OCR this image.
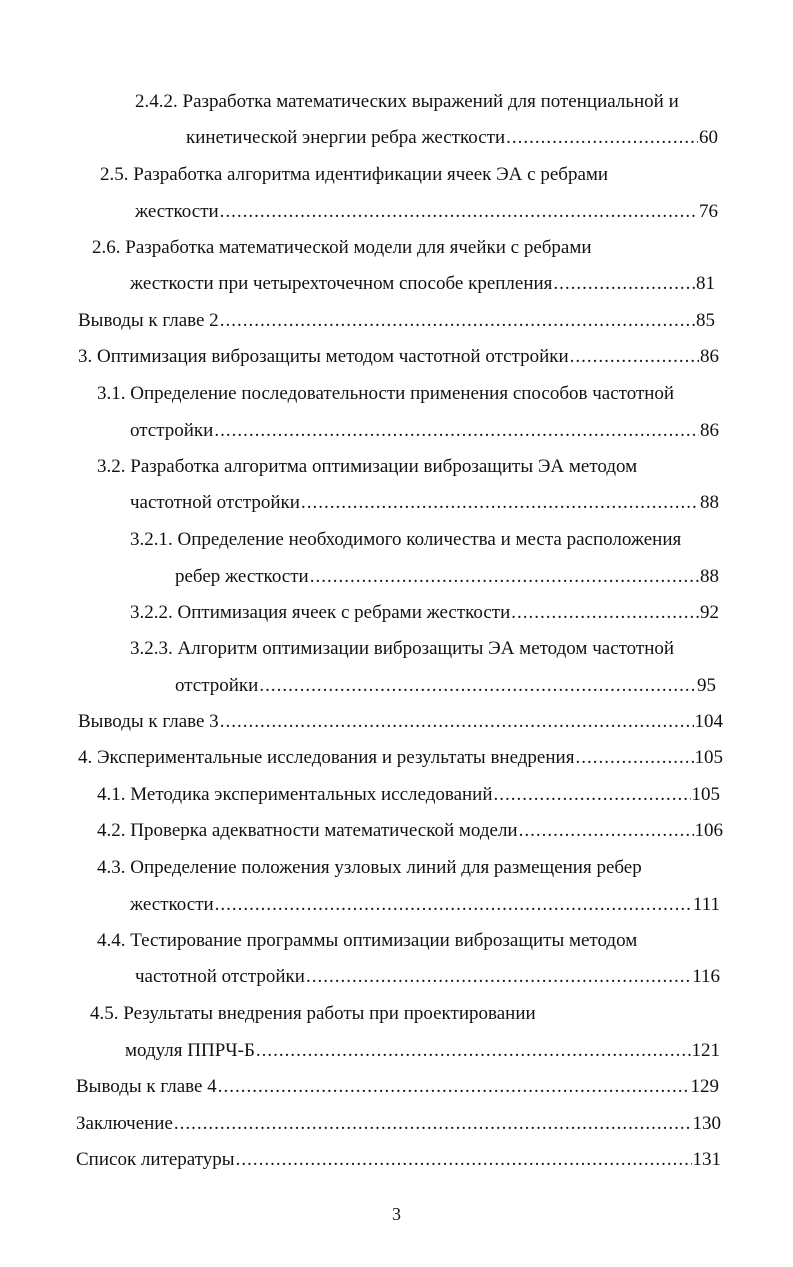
2.4.2. Разработка математических выражений для потенциальной и
кинетической энергии ребра жесткости .....	60
2.5. Разработка алгоритма идентификации ячеек ЭА с ребрами
жесткости .....	76
2.6. Разработка математической модели для ячейки с ребрами
жесткости при четырехточечном способе крепления .....	81
Выводы к главе 2 .....	85
3. Оптимизация виброзащиты методом частотной отстройки .....	86
3.1. Определение последовательности применения способов частотной
отстройки .....	86
3.2. Разработка алгоритма оптимизации виброзащиты ЭА методом
частотной отстройки .....	88
3.2.1. Определение необходимого количества и места расположения
ребер жесткости .....	88
3.2.2. Оптимизация ячеек с ребрами жесткости .....	92
3.2.3. Алгоритм оптимизации виброзащиты ЭА методом частотной
отстройки .....	95
Выводы к главе 3 .....	104
4. Экспериментальные исследования и результаты внедрения .....	105
4.1. Методика экспериментальных исследований .....	105
4.2. Проверка адекватности математической модели .....	106
4.3. Определение положения узловых линий для размещения ребер
жесткости .....	111
4.4. Тестирование программы оптимизации виброзащиты методом
частотной отстройки .....	116
4.5. Результаты внедрения работы при проектировании
модуля ППРЧ-Б .....	121
Выводы к главе 4 .....	129
Заключение .....	130
Список литературы .....	131
3
